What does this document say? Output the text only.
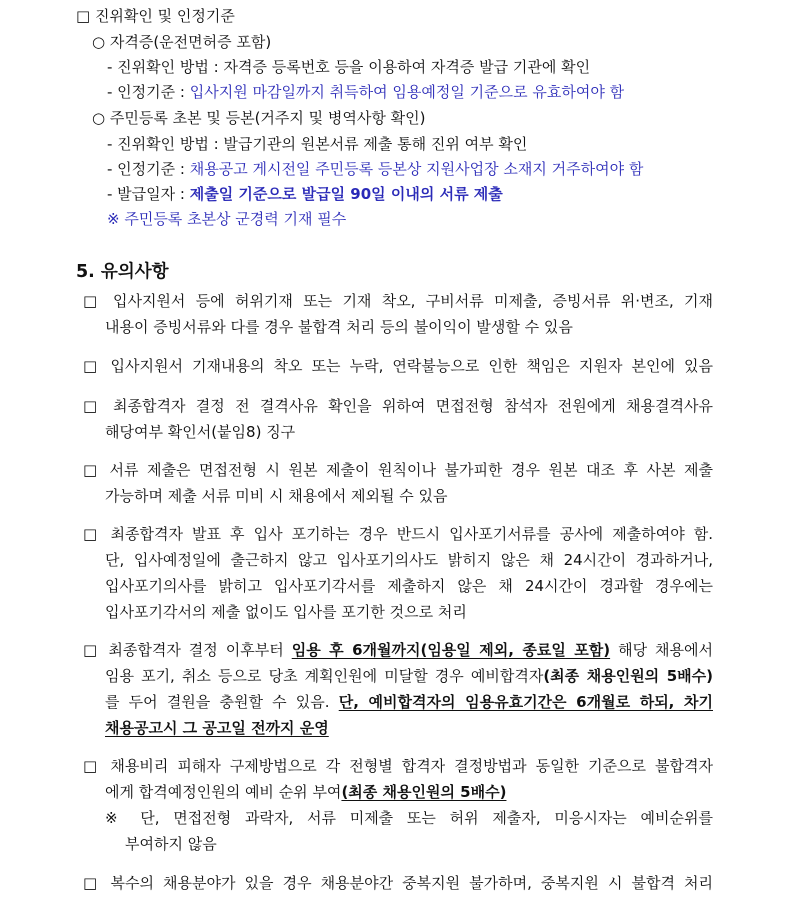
□ 진위확인 및 인정기준
○ 자격증(운전면허증 포함)
- 진위확인 방법 : 자격증 등록번호 등을 이용하여 자격증 발급 기관에 확인
- 인정기준 : 입사지원 마감일까지 취득하여 임용예정일 기준으로 유효하여야 함
○ 주민등록 초본 및 등본(거주지 및 병역사항 확인)
- 진위확인 방법 : 발급기관의 원본서류 제출 통해 진위 여부 확인
- 인정기준 : 채용공고 게시전일 주민등록 등본상 지원사업장 소재지 거주하여야 함
- 발급일자 : 제출일 기준으로 발급일 90일 이내의 서류 제출
※ 주민등록 초본상 군경력 기재 필수
5. 유의사항
□ 입사지원서 등에 허위기재 또는 기재 착오, 구비서류 미제출, 증빙서류 위·변조, 기재
내용이 증빙서류와 다를 경우 불합격 처리 등의 불이익이 발생할 수 있음
□ 입사지원서 기재내용의 착오 또는 누락, 연락불능으로 인한 책임은 지원자 본인에 있음
□ 최종합격자 결정 전 결격사유 확인을 위하여 면접전형 참석자 전원에게 채용결격사유
해당여부 확인서(붙임8) 징구
□ 서류 제출은 면접전형 시 원본 제출이 원칙이나 불가피한 경우 원본 대조 후 사본 제출
가능하며 제출 서류 미비 시 채용에서 제외될 수 있음
□ 최종합격자 발표 후 입사 포기하는 경우 반드시 입사포기서류를 공사에 제출하여야 함.
단, 입사예정일에 출근하지 않고 입사포기의사도 밝히지 않은 채 24시간이 경과하거나,
입사포기의사를 밝히고 입사포기각서를 제출하지 않은 채 24시간이 경과할 경우에는
입사포기각서의 제출 없이도 입사를 포기한 것으로 처리
□ 최종합격자 결정 이후부터 임용 후 6개월까지(임용일 제외, 종료일 포함) 해당 채용에서
임용 포기, 취소 등으로 당초 계획인원에 미달할 경우 예비합격자(최종 채용인원의 5배수)
를 두어 결원을 충원할 수 있음. 단, 예비합격자의 임용유효기간은 6개월로 하되, 차기
채용공고시 그 공고일 전까지 운영
□ 채용비리 피해자 구제방법으로 각 전형별 합격자 결정방법과 동일한 기준으로 불합격자
에게 합격예정인원의 예비 순위 부여(최종 채용인원의 5배수)
※ 단, 면접전형 과락자, 서류 미제출 또는 허위 제출자, 미응시자는 예비순위를
부여하지 않음
□ 복수의 채용분야가 있을 경우 채용분야간 중복지원 불가하며, 중복지원 시 불합격 처리
